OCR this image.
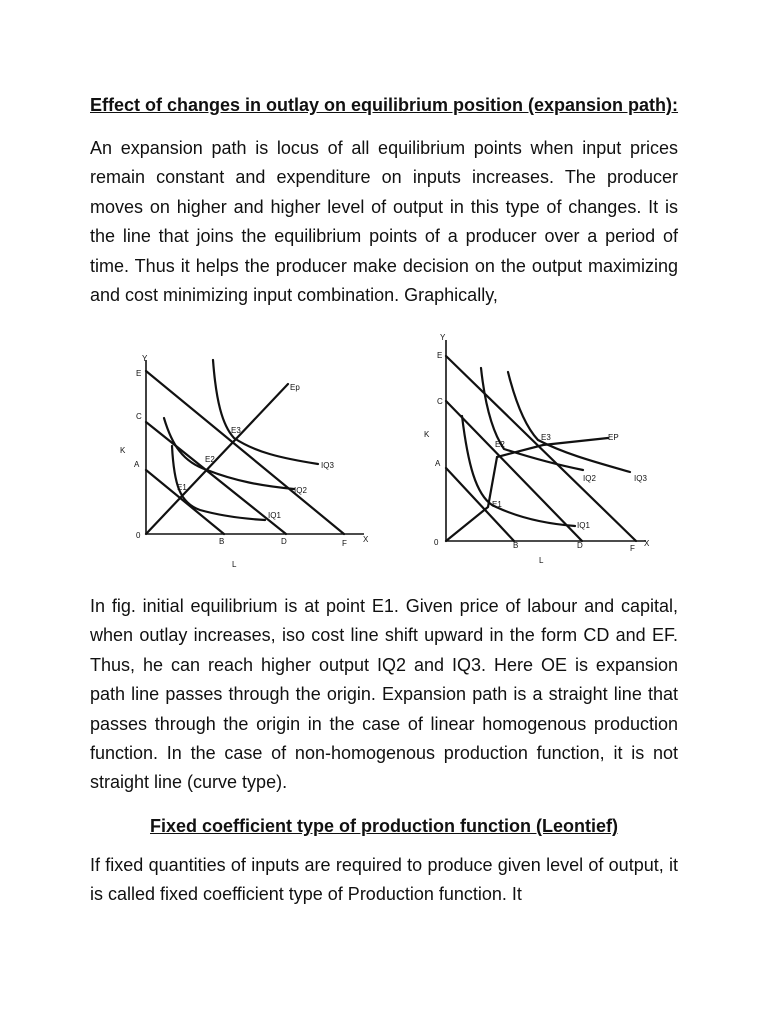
Effect of changes in outlay on equilibrium position (expansion path):
An expansion path is locus of all equilibrium points when input prices remain constant and expenditure on inputs increases. The producer moves on higher and higher level of output in this type of changes. It is the line that joins the equilibrium points of a producer over a period of time. Thus it helps the producer make decision on the output maximizing and cost minimizing input combination. Graphically,
Y
X
0
K
L
E
C
A
B	D	F
Ep
E3
E2
E1
IQ1
IQ2
IQ3
Y
X
0
K
L
E
C
A
B	D	F
EP
E3
E2
E1
IQ1
IQ2	IQ3
In fig. initial equilibrium is at point E1. Given price of labour and capital, when outlay increases, iso cost line shift upward in the form CD and EF. Thus, he can reach higher output IQ2 and IQ3. Here OE is expansion path line passes through the origin. Expansion path is a straight line that passes through the origin in the case of linear homogenous production function. In the case of non-homogenous production function, it is not straight line (curve type).
Fixed coefficient type of production function (Leontief)
If fixed quantities of inputs are required to produce given level of output, it is called fixed coefficient type of Production function. It
